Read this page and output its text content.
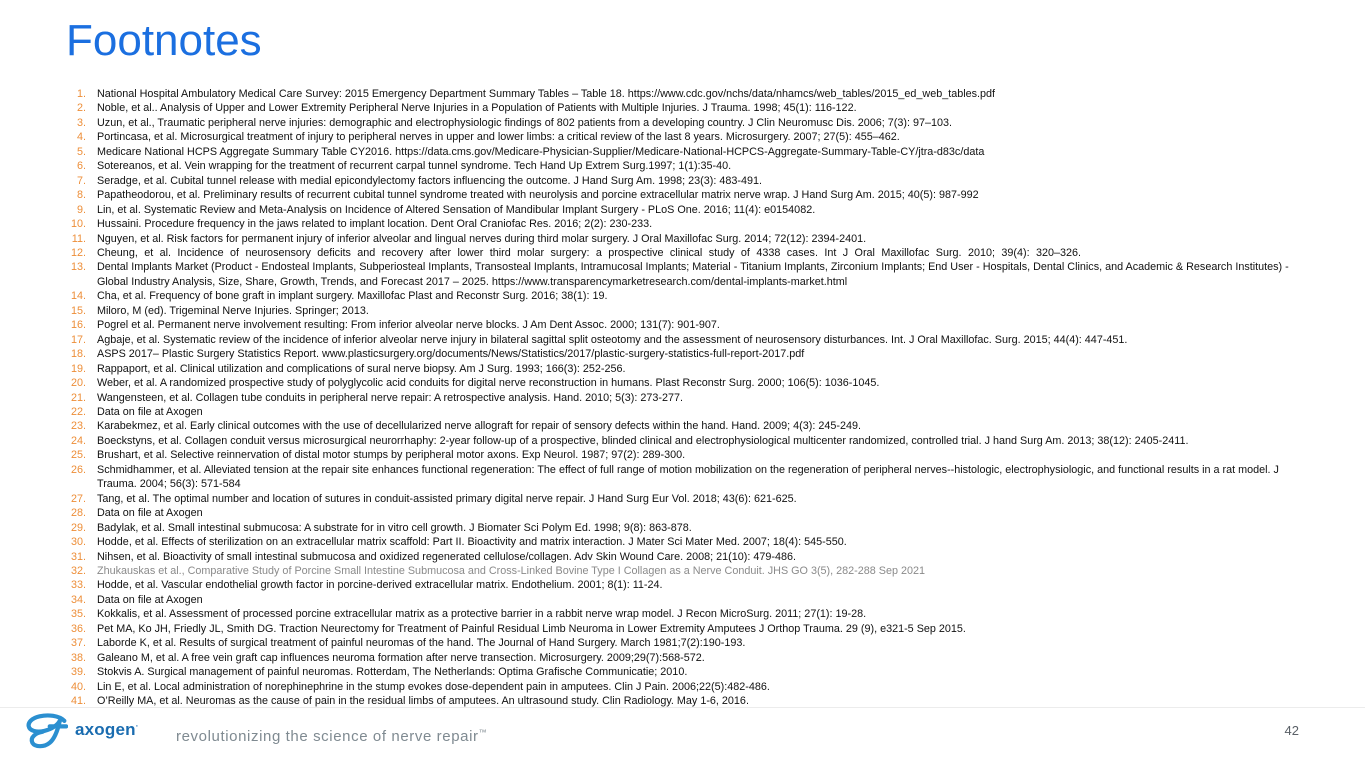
Footnotes
1. National Hospital Ambulatory Medical Care Survey: 2015 Emergency Department Summary Tables – Table 18. https://www.cdc.gov/nchs/data/nhamcs/web_tables/2015_ed_web_tables.pdf
2. Noble, et al.. Analysis of Upper and Lower Extremity Peripheral Nerve Injuries in a Population of Patients with Multiple Injuries. J Trauma. 1998; 45(1): 116-122.
3. Uzun, et al., Traumatic peripheral nerve injuries: demographic and electrophysiologic findings of 802 patients from a developing country. J Clin Neuromusc Dis. 2006; 7(3): 97–103.
4. Portincasa, et al. Microsurgical treatment of injury to peripheral nerves in upper and lower limbs: a critical review of the last 8 years. Microsurgery. 2007; 27(5): 455–462.
5. Medicare National HCPS Aggregate Summary Table CY2016. https://data.cms.gov/Medicare-Physician-Supplier/Medicare-National-HCPCS-Aggregate-Summary-Table-CY/jtra-d83c/data
6. Sotereanos, et al. Vein wrapping for the treatment of recurrent carpal tunnel syndrome. Tech Hand Up Extrem Surg.1997; 1(1):35-40.
7. Seradge, et al. Cubital tunnel release with medial epicondylectomy factors influencing the outcome. J Hand Surg Am. 1998; 23(3): 483-491.
8. Papatheodorou, et al. Preliminary results of recurrent cubital tunnel syndrome treated with neurolysis and porcine extracellular matrix nerve wrap. J Hand Surg Am. 2015; 40(5): 987-992
9. Lin, et al. Systematic Review and Meta-Analysis on Incidence of Altered Sensation of Mandibular Implant Surgery - PLoS One. 2016; 11(4): e0154082.
10. Hussaini. Procedure frequency in the jaws related to implant location. Dent Oral Craniofac Res. 2016; 2(2): 230-233.
11. Nguyen, et al. Risk factors for permanent injury of inferior alveolar and lingual nerves during third molar surgery. J Oral Maxillofac Surg. 2014; 72(12): 2394-2401.
12. Cheung, et al. Incidence of neurosensory deficits and recovery after lower third molar surgery: a prospective clinical study of 4338 cases. Int J Oral Maxillofac Surg. 2010; 39(4): 320–326.
13. Dental Implants Market (Product - Endosteal Implants, Subperiosteal Implants, Transosteal Implants, Intramucosal Implants; Material - Titanium Implants, Zirconium Implants; End User - Hospitals, Dental Clinics, and Academic & Research Institutes) - Global Industry Analysis, Size, Share, Growth, Trends, and Forecast 2017 – 2025. https://www.transparencymarketresearch.com/dental-implants-market.html
14. Cha, et al. Frequency of bone graft in implant surgery. Maxillofac Plast and Reconstr Surg. 2016; 38(1): 19.
15. Miloro, M (ed). Trigeminal Nerve Injuries. Springer; 2013.
16. Pogrel et al. Permanent nerve involvement resulting: From inferior alveolar nerve blocks. J Am Dent Assoc. 2000; 131(7): 901-907.
17. Agbaje, et al. Systematic review of the incidence of inferior alveolar nerve injury in bilateral sagittal split osteotomy and the assessment of neurosensory disturbances. Int. J Oral Maxillofac. Surg. 2015; 44(4): 447-451.
18. ASPS 2017– Plastic Surgery Statistics Report. www.plasticsurgery.org/documents/News/Statistics/2017/plastic-surgery-statistics-full-report-2017.pdf
19. Rappaport, et al. Clinical utilization and complications of sural nerve biopsy. Am J Surg. 1993; 166(3): 252-256.
20. Weber, et al. A randomized prospective study of polyglycolic acid conduits for digital nerve reconstruction in humans. Plast Reconstr Surg. 2000; 106(5): 1036-1045.
21. Wangensteen, et al. Collagen tube conduits in peripheral nerve repair: A retrospective analysis. Hand. 2010; 5(3): 273-277.
22. Data on file at Axogen
23. Karabekmez, et al. Early clinical outcomes with the use of decellularized nerve allograft for repair of sensory defects within the hand. Hand. 2009; 4(3): 245-249.
24. Boeckstyns, et al. Collagen conduit versus microsurgical neurorrhaphy: 2-year follow-up of a prospective, blinded clinical and electrophysiological multicenter randomized, controlled trial. J hand Surg Am. 2013; 38(12): 2405-2411.
25. Brushart, et al. Selective reinnervation of distal motor stumps by peripheral motor axons. Exp Neurol. 1987; 97(2): 289-300.
26. Schmidhammer, et al. Alleviated tension at the repair site enhances functional regeneration: The effect of full range of motion mobilization on the regeneration of peripheral nerves--histologic, electrophysiologic, and functional results in a rat model. J Trauma. 2004; 56(3): 571-584
27. Tang, et al. The optimal number and location of sutures in conduit-assisted primary digital nerve repair. J Hand Surg Eur Vol. 2018; 43(6): 621-625.
28. Data on file at Axogen
29. Badylak, et al. Small intestinal submucosa: A substrate for in vitro cell growth. J Biomater Sci Polym Ed. 1998; 9(8): 863-878.
30. Hodde, et al. Effects of sterilization on an extracellular matrix scaffold: Part II. Bioactivity and matrix interaction. J Mater Sci Mater Med. 2007; 18(4): 545-550.
31. Nihsen, et al. Bioactivity of small intestinal submucosa and oxidized regenerated cellulose/collagen. Adv Skin Wound Care. 2008; 21(10): 479-486.
32. Zhukauskas et al., Comparative Study of Porcine Small Intestine Submucosa and Cross-Linked Bovine Type I Collagen as a Nerve Conduit. JHS GO 3(5), 282-288 Sep 2021
33. Hodde, et al. Vascular endothelial growth factor in porcine-derived extracellular matrix. Endothelium. 2001; 8(1): 11-24.
34. Data on file at Axogen
35. Kokkalis, et al. Assessment of processed porcine extracellular matrix as a protective barrier in a rabbit nerve wrap model. J Recon MicroSurg. 2011; 27(1): 19-28.
36. Pet MA, Ko JH, Friedly JL, Smith DG. Traction Neurectomy for Treatment of Painful Residual Limb Neuroma in Lower Extremity Amputees J Orthop Trauma. 29 (9), e321-5 Sep 2015.
37. Laborde K, et al. Results of surgical treatment of painful neuromas of the hand. The Journal of Hand Surgery. March 1981;7(2):190-193.
38. Galeano M, et al. A free vein graft cap influences neuroma formation after nerve transection. Microsurgery. 2009;29(7):568-572.
39. Stokvis A. Surgical management of painful neuromas. Rotterdam, The Netherlands: Optima Grafische Communicatie; 2010.
40. Lin E, et al. Local administration of norephinephrine in the stump evokes dose-dependent pain in amputees. Clin J Pain. 2006;22(5):482-486.
41. O’Reilly MA, et al. Neuromas as the cause of pain in the residual limbs of amputees. An ultrasound study. Clin Radiology. May 1-6, 2016.
axogen·
revolutionizing the science of nerve repair™	42
